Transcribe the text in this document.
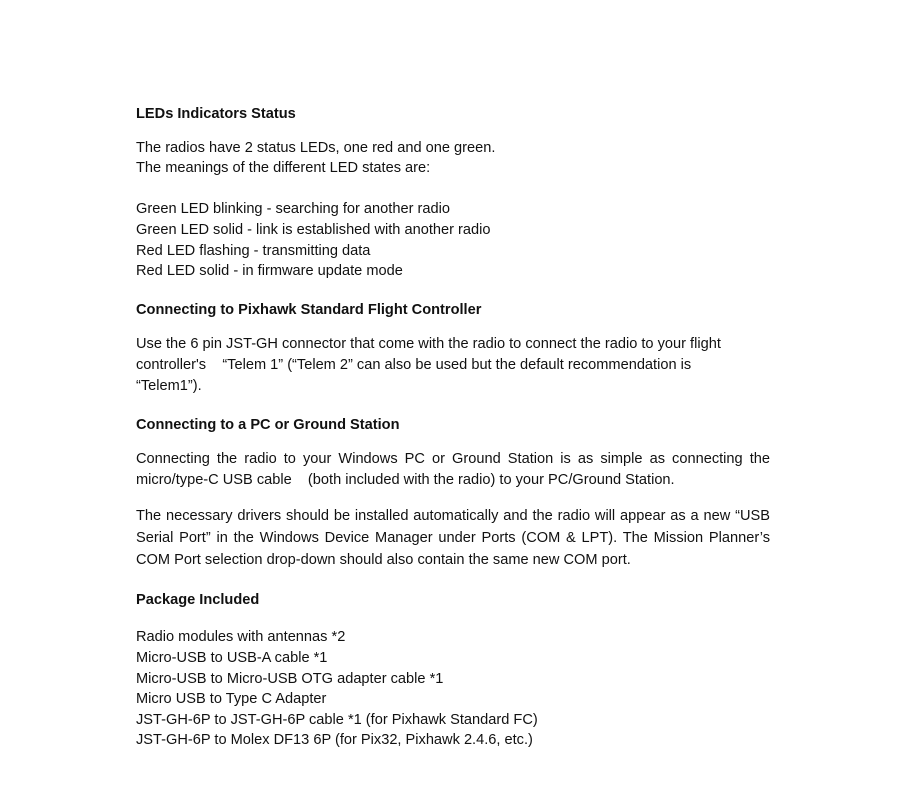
LEDs Indicators Status

The radios have 2 status LEDs, one red and one green.
The meanings of the different LED states are:

Green LED blinking - searching for another radio
Green LED solid - link is established with another radio
Red LED flashing - transmitting data
Red LED solid - in firmware update mode

Connecting to Pixhawk Standard Flight Controller

Use the 6 pin JST-GH connector that come with the radio to connect the radio to your flight
controller's    “Telem 1” (“Telem 2” can also be used but the default recommendation is
“Telem1”).

Connecting to a PC or Ground Station

Connecting the radio to your Windows PC or Ground Station is as simple as connecting the micro/type-C USB cable    (both included with the radio) to your PC/Ground Station.

The necessary drivers should be installed automatically and the radio will appear as a new “USB Serial Port” in the Windows Device Manager under Ports (COM & LPT). The Mission Planner’s COM Port selection drop-down should also contain the same new COM port.

Package Included

Radio modules with antennas *2
Micro-USB to USB-A cable *1
Micro-USB to Micro-USB OTG adapter cable *1
Micro USB to Type C Adapter
JST-GH-6P to JST-GH-6P cable *1 (for Pixhawk Standard FC)
JST-GH-6P to Molex DF13 6P (for Pix32, Pixhawk 2.4.6, etc.)
